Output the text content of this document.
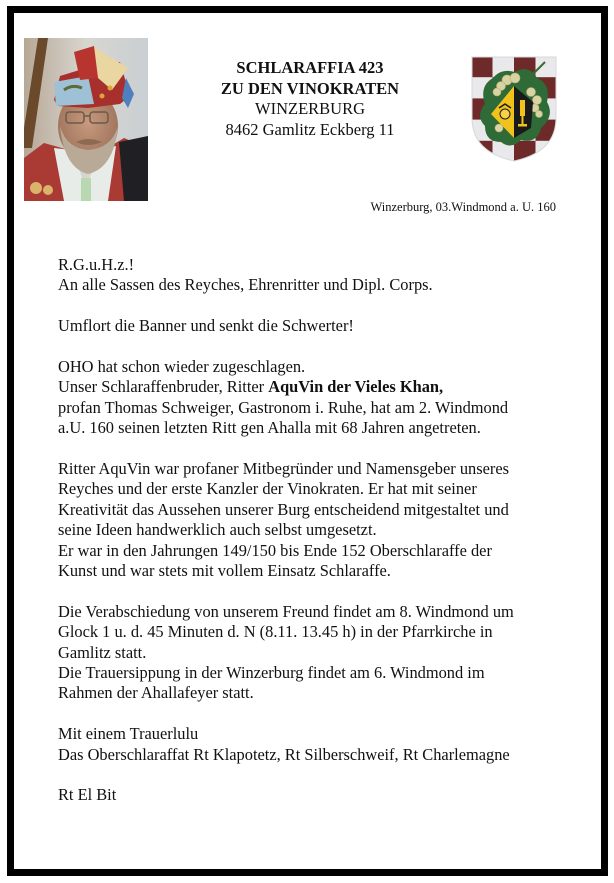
SCHLARAFFIA 423
ZU DEN VINOKRATEN
WINZERBURG
8462 Gamlitz Eckberg 11
Winzerburg, 03.Windmond a. U. 160

R.G.u.H.z.!
An alle Sassen des Reyches, Ehrenritter und Dipl. Corps.

Umflort die Banner und senkt die Schwerter!

OHO hat schon wieder zugeschlagen.
Unser Schlaraffenbruder, Ritter AquVin der Vieles Khan,
profan Thomas Schweiger, Gastronom i. Ruhe, hat am 2. Windmond
a.U. 160 seinen letzten Ritt gen Ahalla mit 68 Jahren angetreten.

Ritter AquVin war profaner Mitbegründer und Namensgeber unseres
Reyches und der erste Kanzler der Vinokraten. Er hat mit seiner
Kreativität das Aussehen unserer Burg entscheidend mitgestaltet und
seine Ideen handwerklich auch selbst umgesetzt.
Er war in den Jahrungen 149/150 bis Ende 152 Oberschlaraffe der
Kunst und war stets mit vollem Einsatz Schlaraffe.

Die Verabschiedung von unserem Freund findet am 8. Windmond um
Glock 1 u. d. 45 Minuten d. N (8.11. 13.45 h) in der Pfarrkirche in
Gamlitz statt.
Die Trauersippung in der Winzerburg findet am 6. Windmond im
Rahmen der Ahallafeyer statt.

Mit einem Trauerlulu
Das Oberschlaraffat Rt Klapotetz, Rt Silberschweif, Rt Charlemagne

Rt El Bit
